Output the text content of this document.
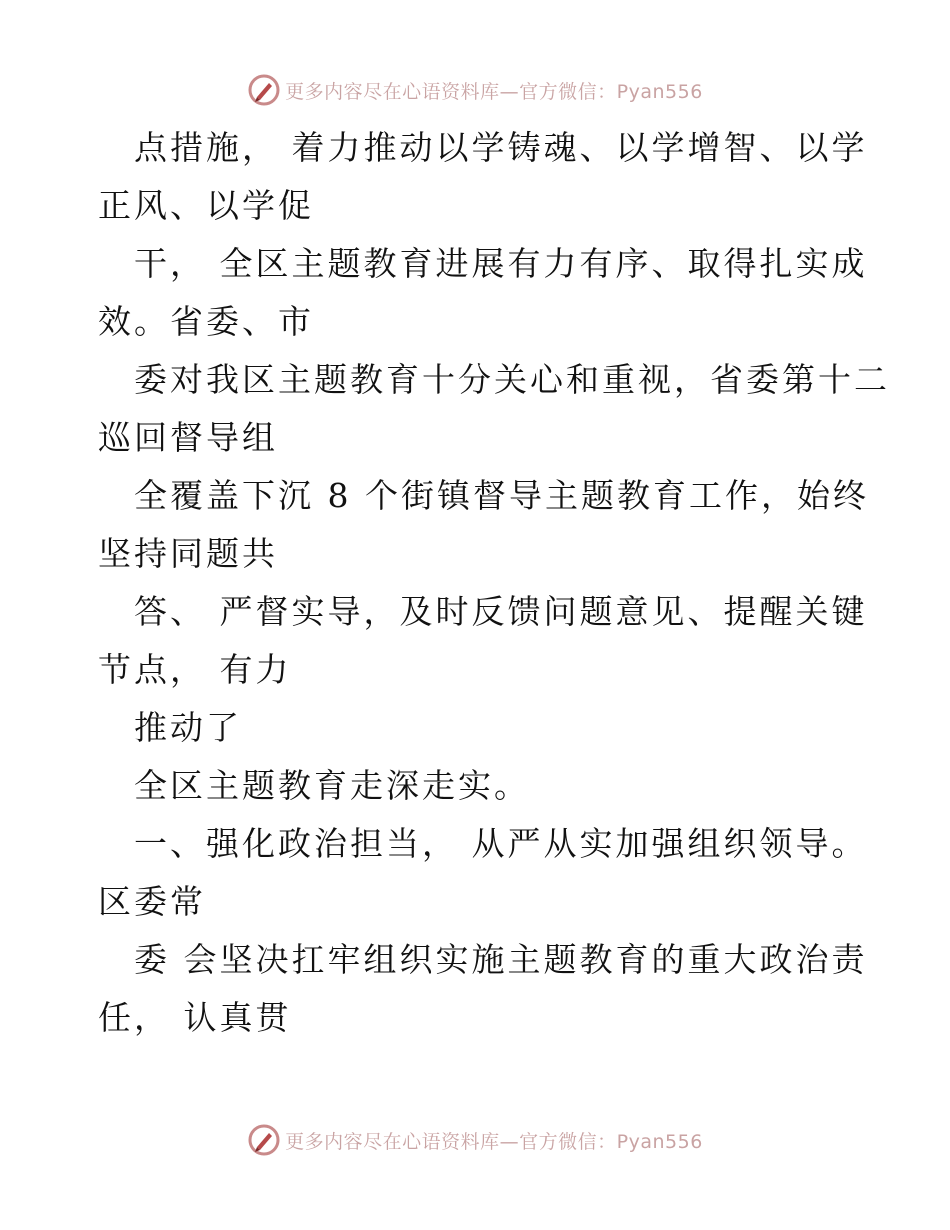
更多内容尽在心语资料库—官方微信：Pyan556
　点措施， 着力推动以学铸魂、以学增智、以学
正风、以学促
　干， 全区主题教育进展有力有序、取得扎实成
效。省委、市
　委对我区主题教育十分关心和重视，省委第十二
巡回督导组
　全覆盖下沉 8 个街镇督导主题教育工作，始终
坚持同题共
　答、 严督实导，及时反馈问题意见、提醒关键
节点， 有力
　推动了
　全区主题教育走深走实。
　一、强化政治担当， 从严从实加强组织领导。
区委常
　委 会坚决扛牢组织实施主题教育的重大政治责
任， 认真贯
更多内容尽在心语资料库—官方微信：Pyan556
